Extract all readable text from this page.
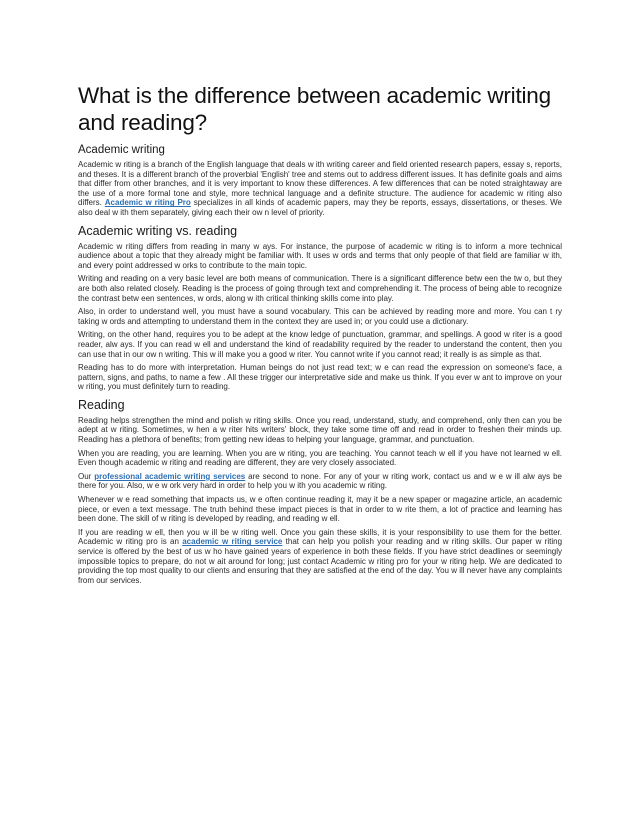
What is the difference between academic writing and reading?
Academic writing

Academic w riting is a branch of the English language that deals w ith writing career and field oriented research papers, essay s, reports, and theses. It is a different branch of the proverbial 'English' tree and stems out to address different issues. It has definite goals and aims that differ from other branches, and it is very important to know these differences. A few differences that can be noted straightaway are the use of a more formal tone and style, more technical language and a definite structure. The audience for academic w riting also differs. Academic w riting Pro specializes in all kinds of academic papers, may they be reports, essays, dissertations, or theses. We also deal w ith them separately, giving each their ow n level of priority.

Academic writing vs. reading

Academic w riting differs from reading in many w ays. For instance, the purpose of academic w riting is to inform a more technical audience about a topic that they already might be familiar with. It uses w ords and terms that only people of that field are familiar w ith, and every point addressed w orks to contribute to the main topic.

Writing and reading on a very basic level are both means of communication. There is a significant difference betw een the tw o, but they are both also related closely. Reading is the process of going through text and comprehending it. The process of being able to recognize the contrast betw een sentences, w ords, along w ith critical thinking skills come into play.

Also, in order to understand well, you must have a sound vocabulary. This can be achieved by reading more and more. You can t ry taking w ords and attempting to understand them in the context they are used in; or you could use a dictionary.

Writing, on the other hand, requires you to be adept at the know ledge of punctuation, grammar, and spellings. A good w riter is a good reader, alw ays. If you can read w ell and understand the kind of readability required by the reader to understand the content, then you can use that in our ow n writing. This w ill make you a good w riter. You cannot write if you cannot read; it really is as simple as that.

Reading has to do more with interpretation. Human beings do not just read text; w e can read the expression on someone's face, a pattern, signs, and paths, to name a few . All these trigger our interpretative side and make us think. If you ever w ant to improve on your w riting, you must definitely turn to reading.

Reading

Reading helps strengthen the mind and polish w riting skills. Once you read, understand, study, and comprehend, only then can you be adept at w riting. Sometimes, w hen a w riter hits writers' block, they take some time off and read in order to freshen their minds up. Reading has a plethora of benefits; from getting new ideas to helping your language, grammar, and punctuation.

When you are reading, you are learning. When you are w riting, you are teaching. You cannot teach w ell if you have not learned w ell. Even though academic w riting and reading are different, they are very closely associated.

Our professional academic writing services are second to none. For any of your w riting work, contact us and w e w ill alw ays be there for you. Also, w e w ork very hard in order to help you w ith you academic w riting.

Whenever w e read something that impacts us, w e often continue reading it, may it be a new spaper or magazine article, an academic piece, or even a text message. The truth behind these impact pieces is that in order to w rite them, a lot of practice and learning has been done. The skill of w riting is developed by reading, and reading w ell.

If you are reading w ell, then you w ill be w riting well. Once you gain these skills, it is your responsibility to use them for the better. Academic w riting pro is an academic w riting service that can help you polish your reading and w riting skills. Our paper w riting service is offered by the best of us w ho have gained years of experience in both these fields. If you have strict deadlines or seemingly impossible topics to prepare, do not w ait around for long; just contact Academic w riting pro for your w riting help. We are dedicated to providing the top most quality to our clients and ensuring that they are satisfied at the end of the day. You w ill never have any complaints from our services.
